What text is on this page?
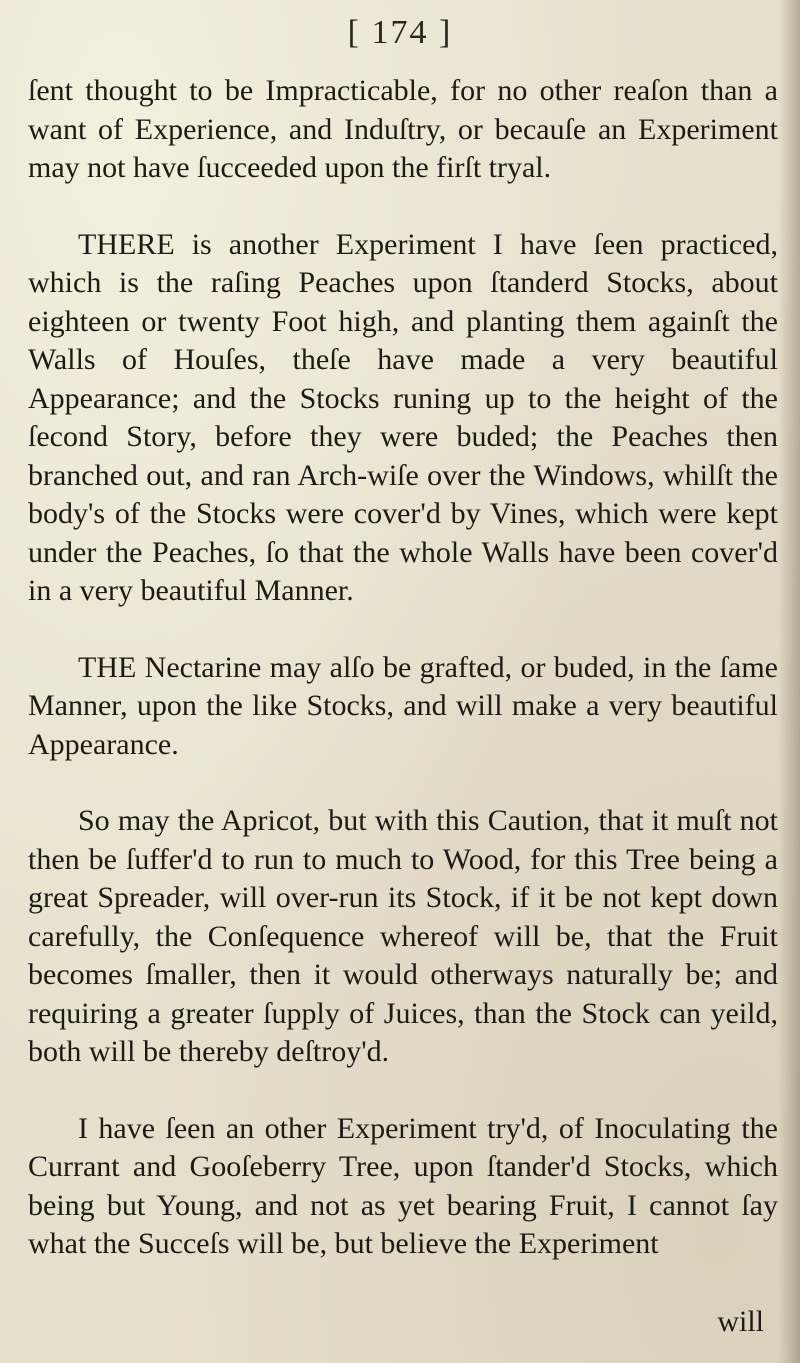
[ 174 ]

ſent thought to be Impracticable, for no other reaſon than a want of Experience, and Induſtry, or becauſe an Experiment may not have ſucceeded upon the firſt tryal.

THERE is another Experiment I have ſeen practiced, which is the raſing Peaches upon ſtanderd Stocks, about eighteen or twenty Foot high, and planting them againſt the Walls of Houſes, theſe have made a very beautiful Appearance; and the Stocks runing up to the height of the ſecond Story, before they were buded; the Peaches then branched out, and ran Arch-wiſe over the Windows, whilſt the body's of the Stocks were cover'd by Vines, which were kept under the Peaches, ſo that the whole Walls have been cover'd in a very beautiful Manner.

THE Nectarine may alſo be grafted, or buded, in the ſame Manner, upon the like Stocks, and will make a very beautiful Appearance.

So may the Apricot, but with this Caution, that it muſt not then be ſuffer'd to run to much to Wood, for this Tree being a great Spreader, will over-run its Stock, if it be not kept down carefully, the Conſequence whereof will be, that the Fruit becomes ſmaller, then it would otherways naturally be; and requiring a greater ſupply of Juices, than the Stock can yeild, both will be thereby deſtroy'd.

I have ſeen an other Experiment try'd, of Inoculating the Currant and Gooſeberry Tree, upon ſtander'd Stocks, which being but Young, and not as yet bearing Fruit, I cannot ſay what the Succeſs will be, but believe the Experiment

will
